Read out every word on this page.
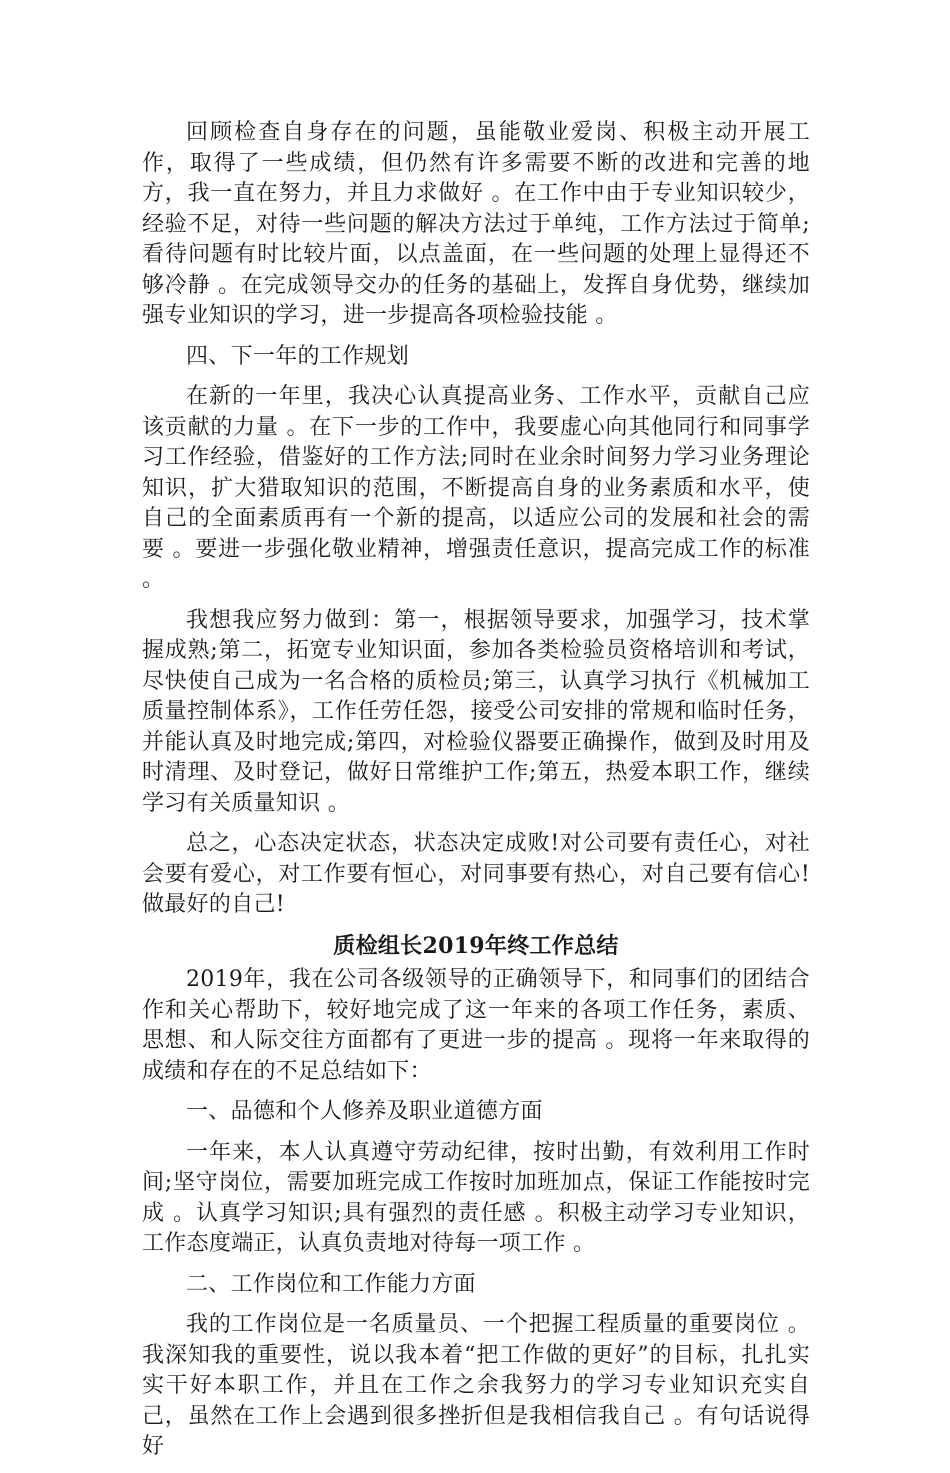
回顾检查自身存在的问题，虽能敬业爱岗、积极主动开展工作，取得了一些成绩，但仍然有许多需要不断的改进和完善的地方，我一直在努力，并且力求做好 。在工作中由于专业知识较少，经验不足，对待一些问题的解决方法过于单纯，工作方法过于简单;看待问题有时比较片面，以点盖面，在一些问题的处理上显得还不够冷静 。在完成领导交办的任务的基础上，发挥自身优势，继续加强专业知识的学习，进一步提高各项检验技能 。

四、下一年的工作规划

在新的一年里，我决心认真提高业务、工作水平，贡献自己应该贡献的力量 。在下一步的工作中，我要虚心向其他同行和同事学习工作经验，借鉴好的工作方法;同时在业余时间努力学习业务理论知识，扩大猎取知识的范围，不断提高自身的业务素质和水平，使自己的全面素质再有一个新的提高，以适应公司的发展和社会的需要 。要进一步强化敬业精神，增强责任意识，提高完成工作的标准 。

我想我应努力做到：第一，根据领导要求，加强学习，技术掌握成熟;第二，拓宽专业知识面，参加各类检验员资格培训和考试，尽快使自己成为一名合格的质检员;第三，认真学习执行《机械加工质量控制体系》，工作任劳任怨，接受公司安排的常规和临时任务，并能认真及时地完成;第四，对检验仪器要正确操作，做到及时用及时清理、及时登记，做好日常维护工作;第五，热爱本职工作，继续学习有关质量知识 。

总之，心态决定状态，状态决定成败!对公司要有责任心，对社会要有爱心，对工作要有恒心，对同事要有热心，对自己要有信心!做最好的自己!

质检组长2019年终工作总结

2019年，我在公司各级领导的正确领导下，和同事们的团结合作和关心帮助下，较好地完成了这一年来的各项工作任务，素质、思想、和人际交往方面都有了更进一步的提高 。现将一年来取得的成绩和存在的不足总结如下：

一、品德和个人修养及职业道德方面

一年来，本人认真遵守劳动纪律，按时出勤，有效利用工作时间;坚守岗位，需要加班完成工作按时加班加点，保证工作能按时完成 。认真学习知识;具有强烈的责任感 。积极主动学习专业知识，工作态度端正，认真负责地对待每一项工作 。

二、工作岗位和工作能力方面

我的工作岗位是一名质量员、一个把握工程质量的重要岗位 。我深知我的重要性，说以我本着“把工作做的更好”的目标，扎扎实实干好本职工作，并且在工作之余我努力的学习专业知识充实自己，虽然在工作上会遇到很多挫折但是我相信我自己 。有句话说得好
